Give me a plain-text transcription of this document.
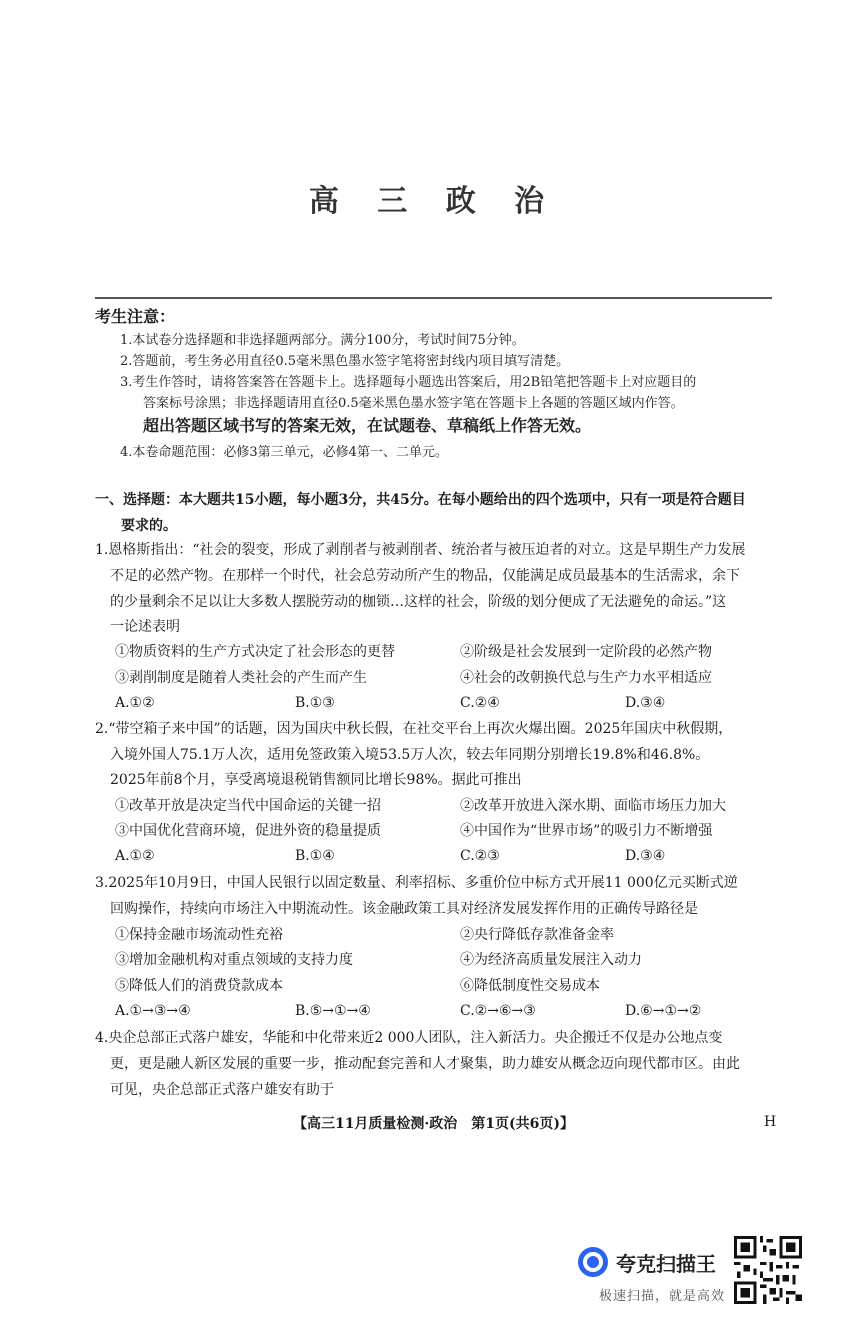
高 三 政 治
考生注意：
1.本试卷分选择题和非选择题两部分。满分100分，考试时间75分钟。
2.答题前，考生务必用直径0.5毫米黑色墨水签字笔将密封线内项目填写清楚。
3.考生作答时，请将答案答在答题卡上。选择题每小题选出答案后，用2B铅笔把答题卡上对应题目的
答案标号涂黑；非选择题请用直径0.5毫米黑色墨水签字笔在答题卡上各题的答题区域内作答。
超出答题区域书写的答案无效，在试题卷、草稿纸上作答无效。
4.本卷命题范围：必修3第三单元，必修4第一、二单元。
一、选择题：本大题共15小题，每小题3分，共45分。在每小题给出的四个选项中，只有一项是符合题目
要求的。
1.恩格斯指出：“社会的裂变，形成了剥削者与被剥削者、统治者与被压迫者的对立。这是早期生产力发展
不足的必然产物。在那样一个时代，社会总劳动所产生的物品，仅能满足成员最基本的生活需求，余下
的少量剩余不足以让大多数人摆脱劳动的枷锁…这样的社会，阶级的划分便成了无法避免的命运。”这
一论述表明
①物质资料的生产方式决定了社会形态的更替	②阶级是社会发展到一定阶段的必然产物
③剥削制度是随着人类社会的产生而产生	④社会的改朝换代总与生产力水平相适应
A.①②	B.①③	C.②④	D.③④
2.“带空箱子来中国”的话题，因为国庆中秋长假，在社交平台上再次火爆出圈。2025年国庆中秋假期，
入境外国人75.1万人次，适用免签政策入境53.5万人次，较去年同期分别增长19.8%和46.8%。
2025年前8个月，享受离境退税销售额同比增长98%。据此可推出
①改革开放是决定当代中国命运的关键一招	②改革开放进入深水期、面临市场压力加大
③中国优化营商环境，促进外资的稳量提质	④中国作为“世界市场”的吸引力不断增强
A.①②	B.①④	C.②③	D.③④
3.2025年10月9日，中国人民银行以固定数量、利率招标、多重价位中标方式开展11 000亿元买断式逆
回购操作，持续向市场注入中期流动性。该金融政策工具对经济发展发挥作用的正确传导路径是
①保持金融市场流动性充裕	②央行降低存款准备金率
③增加金融机构对重点领域的支持力度	④为经济高质量发展注入动力
⑤降低人们的消费贷款成本	⑥降低制度性交易成本
A.①→③→④	B.⑤→①→④	C.②→⑥→③	D.⑥→①→②
4.央企总部正式落户雄安，华能和中化带来近2 000人团队，注入新活力。央企搬迁不仅是办公地点变
更，更是融人新区发展的重要一步，推动配套完善和人才聚集，助力雄安从概念迈向现代都市区。由此
可见，央企总部正式落户雄安有助于
【高三11月质量检测·政治　第1页(共6页)】	H
夸克扫描王
极速扫描，就是高效
